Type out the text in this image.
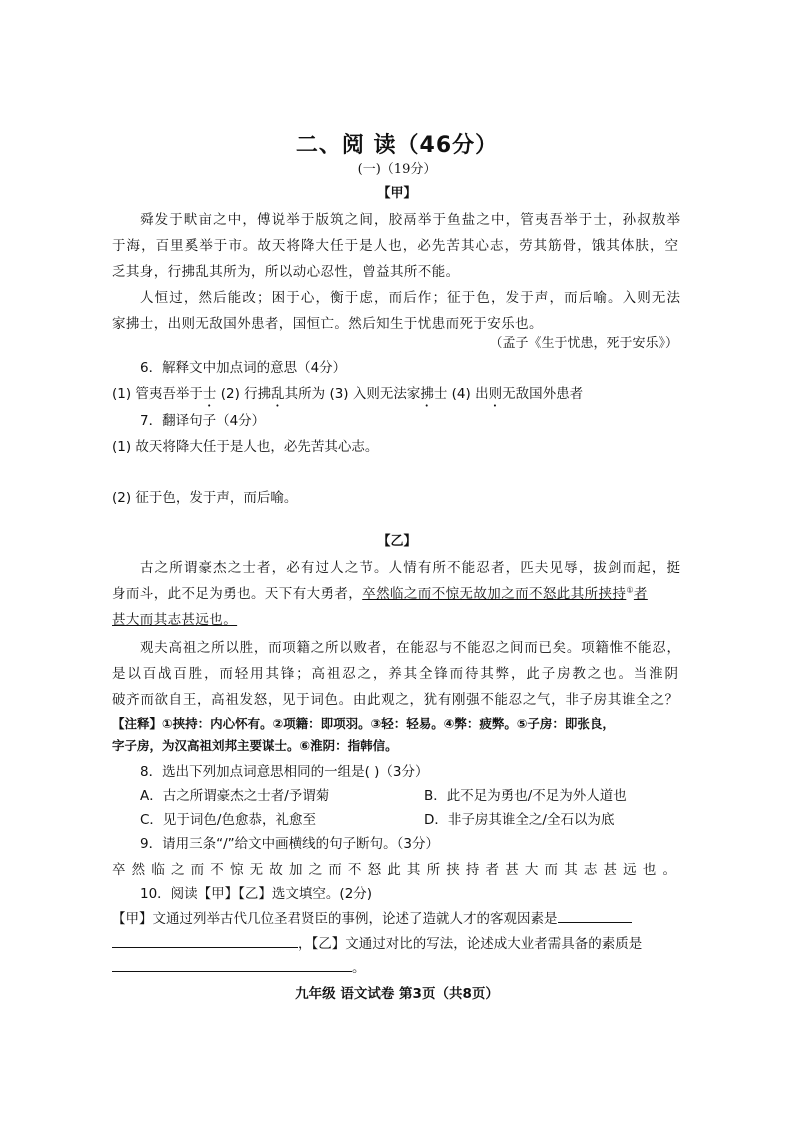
二、阅 读（46分）
(一)（19分）
【甲】
舜发于畎亩之中，傅说举于版筑之间，胶鬲举于鱼盐之中，管夷吾举于士，孙叔敖举
于海，百里奚举于市。故天将降大任于是人也，必先苦其心志，劳其筋骨，饿其体肤，空
乏其身，行拂乱其所为，所以动心忍性，曾益其所不能。
人恒过，然后能改；困于心，衡于虑，而后作；征于色，发于声，而后喻。入则无法
家拂士，出则无敌国外患者，国恒亡。然后知生于忧患而死于安乐也。
（孟子《生于忧患，死于安乐》）
6．解释文中加点词的意思（4分）
(1) 管夷吾举于士 (2) 行拂乱其所为 (3) 入则无法家拂士 (4) 出则无敌国外患者
7．翻译句子（4分）
(1) 故天将降大任于是人也，必先苦其心志。
(2) 征于色，发于声，而后喻。
【乙】
古之所谓豪杰之士者，必有过人之节。人情有所不能忍者，匹夫见辱，拔剑而起，挺
身而斗，此不足为勇也。天下有大勇者，卒然临之而不惊无故加之而不怒此其所挟持①者
甚大而其志甚远也。
观夫高祖之所以胜，而项籍之所以败者，在能忍与不能忍之间而已矣。项籍惟不能忍，
是以百战百胜，而轻用其锋；高祖忍之，养其全锋而待其弊，此子房教之也。当淮阴
破齐而欲自王，高祖发怒，见于词色。由此观之，犹有刚强不能忍之气，非子房其谁全之？
【注释】①挟持：内心怀有。②项籍：即项羽。③轻：轻易。④弊：疲弊。⑤子房：即张良，
字子房，为汉高祖刘邦主要谋士。⑥淮阴：指韩信。
8．选出下列加点词意思相同的一组是( )（3分）
A．古之所谓豪杰之士者/予谓菊	B．此不足为勇也/不足为外人道也
C．见于词色/色愈恭，礼愈至	D．非子房其谁全之/全石以为底
9．请用三条“/”给文中画横线的句子断句。（3分）
卒然临之而不惊无故加之而不怒此其所挟持者甚大而其志甚远也。
10．阅读【甲】【乙】选文填空。(2分)
【甲】文通过列举古代几位圣君贤臣的事例，论述了造就人才的客观因素是
，【乙】文通过对比的写法，论述成大业者需具备的素质是
。
九年级 语文试卷 第3页（共8页）
